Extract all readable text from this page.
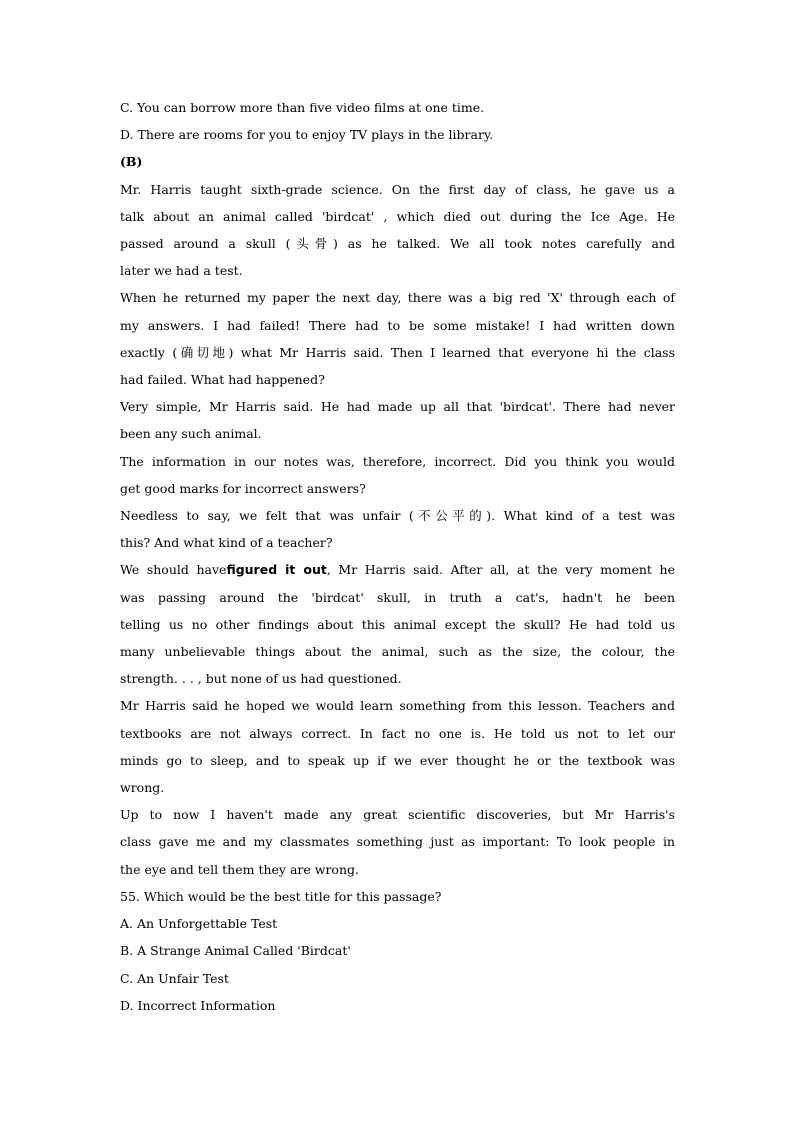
C. You can borrow more than five video films at one time.
D. There are rooms for you to enjoy TV plays in the library.
(B)
Mr. Harris taught sixth-grade science. On the first day of class, he gave us a
talk about an animal called 'birdcat' , which died out during the Ice Age. He
passed around a skull (头骨) as he talked. We all took notes carefully and
later we had a test.
When he returned my paper the next day, there was a big red 'X' through each of
my answers. I had failed! There had to be some mistake! I had written down
exactly (确切地) what Mr Harris said. Then I learned that everyone hi the class
had failed. What had happened?
Very simple, Mr Harris said. He had made up all that 'birdcat'. There had never
been any such animal.
The information in our notes was, therefore, incorrect. Did you think you would
get good marks for incorrect answers?
Needless to say, we felt that was unfair (不公平的). What kind of a test was
this? And what kind of a teacher?
We should havefigured it out, Mr Harris said. After all, at the very moment he
was passing around the 'birdcat' skull, in truth a cat's, hadn't he been
telling us no other findings about this animal except the skull? He had told us
many unbelievable things about the animal, such as the size, the colour, the
strength. . . , but none of us had questioned.
Mr Harris said he hoped we would learn something from this lesson. Teachers and
textbooks are not always correct. In fact no one is. He told us not to let our
minds go to sleep, and to speak up if we ever thought he or the textbook was
wrong.
Up to now I haven't made any great scientific discoveries, but Mr Harris's
class gave me and my classmates something just as important: To look people in
the eye and tell them they are wrong.
55. Which would be the best title for this passage?
A. An Unforgettable Test
B. A Strange Animal Called 'Birdcat'
C. An Unfair Test
D. Incorrect Information
